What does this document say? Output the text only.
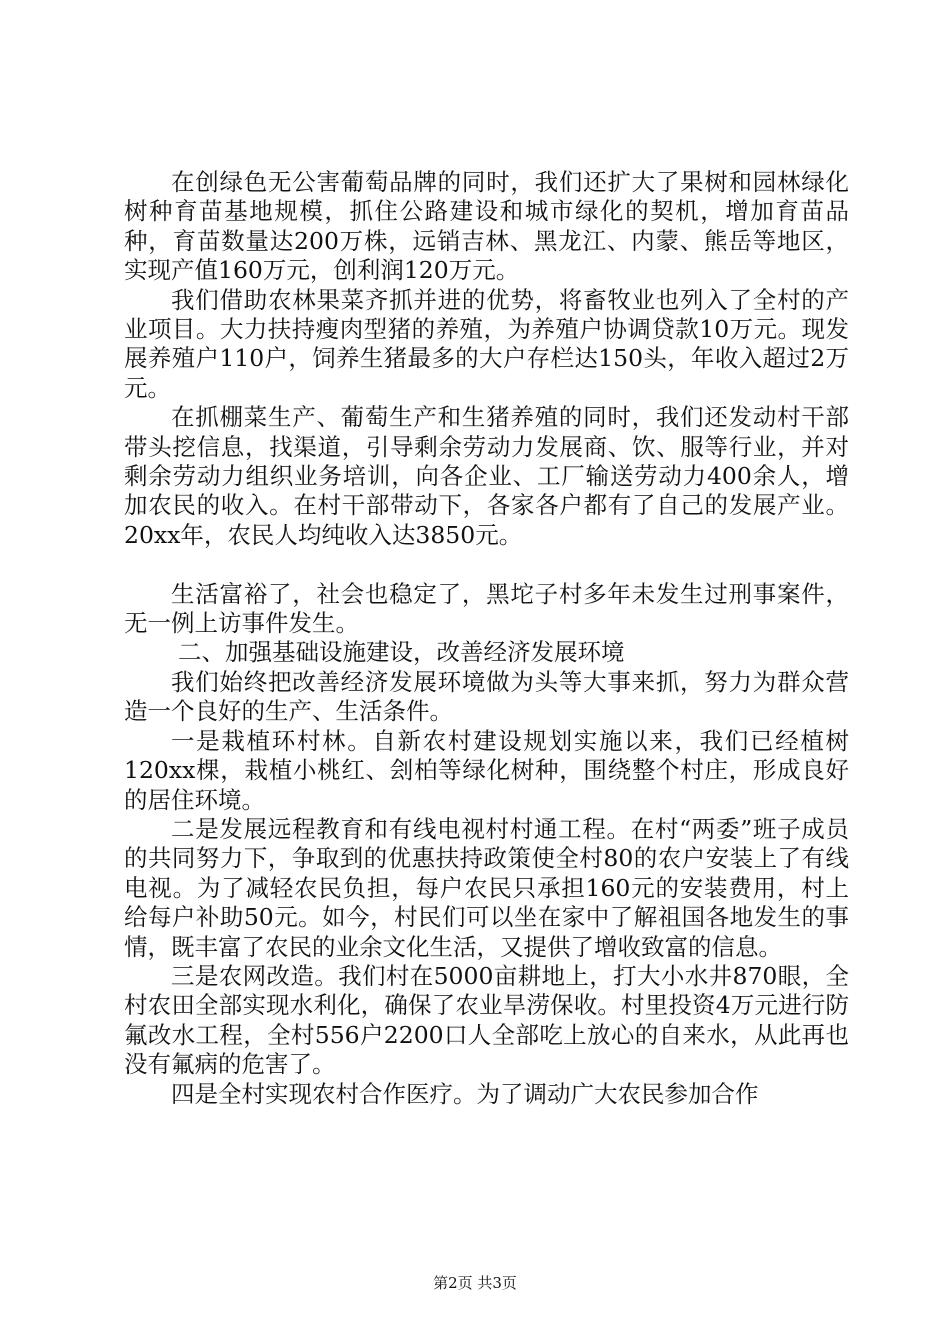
在创绿色无公害葡萄品牌的同时，我们还扩大了果树和园林绿化树种育苗基地规模，抓住公路建设和城市绿化的契机，增加育苗品种，育苗数量达200万株，远销吉林、黑龙江、内蒙、熊岳等地区，实现产值160万元，创利润120万元。

我们借助农林果菜齐抓并进的优势，将畜牧业也列入了全村的产业项目。大力扶持瘦肉型猪的养殖，为养殖户协调贷款10万元。现发展养殖户110户，饲养生猪最多的大户存栏达150头，年收入超过2万元。

在抓棚菜生产、葡萄生产和生猪养殖的同时，我们还发动村干部带头挖信息，找渠道，引导剩余劳动力发展商、饮、服等行业，并对剩余劳动力组织业务培训，向各企业、工厂输送劳动力400余人，增加农民的收入。在村干部带动下，各家各户都有了自己的发展产业。20xx年，农民人均纯收入达3850元。

生活富裕了，社会也稳定了，黑坨子村多年未发生过刑事案件，无一例上访事件发生。

二、加强基础设施建设，改善经济发展环境

我们始终把改善经济发展环境做为头等大事来抓，努力为群众营造一个良好的生产、生活条件。

一是栽植环村林。自新农村建设规划实施以来，我们已经植树120xx棵，栽植小桃红、刽柏等绿化树种，围绕整个村庄，形成良好的居住环境。

二是发展远程教育和有线电视村村通工程。在村“两委”班子成员的共同努力下，争取到的优惠扶持政策使全村80的农户安装上了有线电视。为了减轻农民负担，每户农民只承担160元的安装费用，村上给每户补助50元。如今，村民们可以坐在家中了解祖国各地发生的事情，既丰富了农民的业余文化生活，又提供了增收致富的信息。

三是农网改造。我们村在5000亩耕地上，打大小水井870眼，全村农田全部实现水利化，确保了农业旱涝保收。村里投资4万元进行防氟改水工程，全村556户2200口人全部吃上放心的自来水，从此再也没有氟病的危害了。

四是全村实现农村合作医疗。为了调动广大农民参加合作

第2页 共3页
